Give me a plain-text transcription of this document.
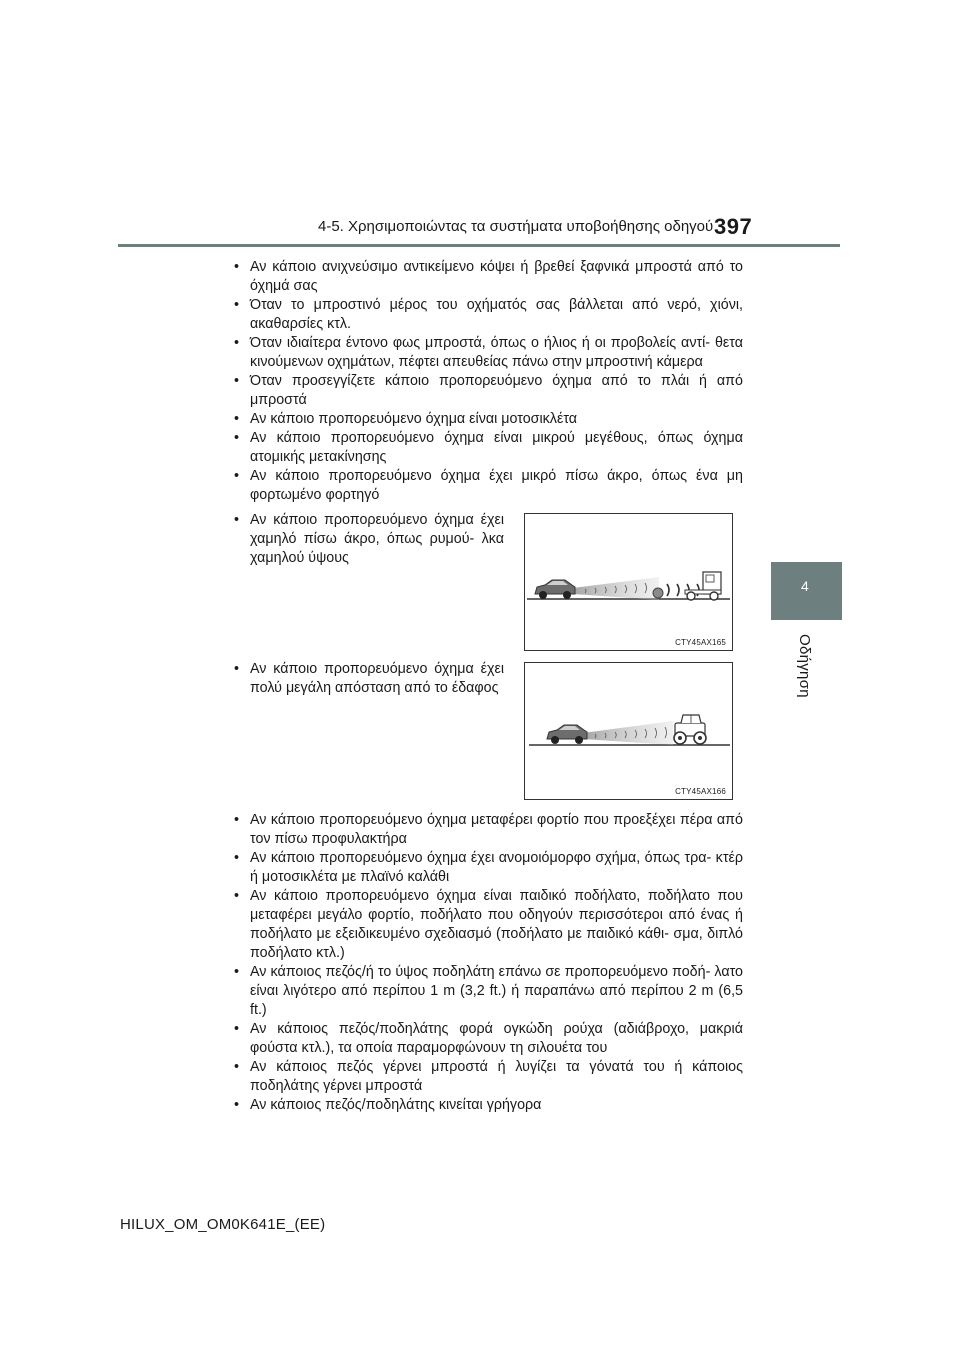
4-5. Χρησιμοποιώντας τα συστήματα υποβοήθησης οδηγού 397
4
Οδήγηση
• Αν κάποιο ανιχνεύσιμο αντικείμενο κόψει ή βρεθεί ξαφνικά μπροστά από το όχημά σας
• Όταν το μπροστινό μέρος του οχήματός σας βάλλεται από νερό, χιόνι, ακαθαρσίες κτλ.
• Όταν ιδιαίτερα έντονο φως μπροστά, όπως ο ήλιος ή οι προβολείς αντί- θετα κινούμενων οχημάτων, πέφτει απευθείας πάνω στην μπροστινή κάμερα
• Όταν προσεγγίζετε κάποιο προπορευόμενο όχημα από το πλάι ή από μπροστά
• Αν κάποιο προπορευόμενο όχημα είναι μοτοσικλέτα
• Αν κάποιο προπορευόμενο όχημα είναι μικρού μεγέθους, όπως όχημα ατομικής μετακίνησης
• Αν κάποιο προπορευόμενο όχημα έχει μικρό πίσω άκρο, όπως ένα μη φορτωμένο φορτηγό
• Αν κάποιο προπορευόμενο όχημα έχει χαμηλό πίσω άκρο, όπως ρυμού- λκα χαμηλού ύψους
CTY45AX165
• Αν κάποιο προπορευόμενο όχημα έχει πολύ μεγάλη απόσταση από το έδαφος
CTY45AX166
• Αν κάποιο προπορευόμενο όχημα μεταφέρει φορτίο που προεξέχει πέρα από τον πίσω προφυλακτήρα
• Αν κάποιο προπορευόμενο όχημα έχει ανομοιόμορφο σχήμα, όπως τρα- κτέρ ή μοτοσικλέτα με πλαϊνό καλάθι
• Αν κάποιο προπορευόμενο όχημα είναι παιδικό ποδήλατο, ποδήλατο που μεταφέρει μεγάλο φορτίο, ποδήλατο που οδηγούν περισσότεροι από ένας ή ποδήλατο με εξειδικευμένο σχεδιασμό (ποδήλατο με παιδικό κάθι- σμα, διπλό ποδήλατο κτλ.)
• Αν κάποιος πεζός/ή το ύψος ποδηλάτη επάνω σε προπορευόμενο ποδή- λατο είναι λιγότερο από περίπου 1 m (3,2 ft.) ή παραπάνω από περίπου 2 m (6,5 ft.)
• Αν κάποιος πεζός/ποδηλάτης φορά ογκώδη ρούχα (αδιάβροχο, μακριά φούστα κτλ.), τα οποία παραμορφώνουν τη σιλουέτα του
• Αν κάποιος πεζός γέρνει μπροστά ή λυγίζει τα γόνατά του ή κάποιος ποδηλάτης γέρνει μπροστά
• Αν κάποιος πεζός/ποδηλάτης κινείται γρήγορα
HILUX_OM_OM0K641E_(EE)
